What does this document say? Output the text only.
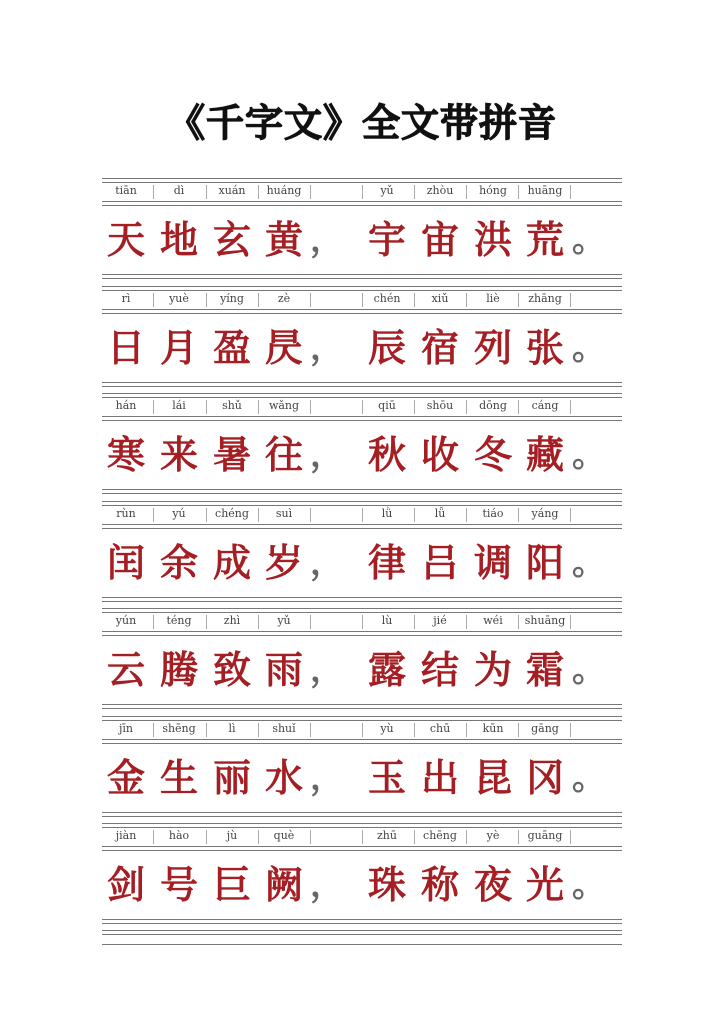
《千字文》全文带拼音
tiān	dì	xuán	huáng	yǔ	zhòu	hóng	huāng
天 地 玄 黄 宇 宙 洪 荒
，	。
rì	yuè	yíng	zè	chén	xiǔ	liè	zhāng
日 月 盈 昃 辰 宿 列 张
，	。
hán	lái	shǔ	wǎng	qiū	shōu	dōng	cáng
寒 来 暑 往 秋 收 冬 藏
，	。
rùn	yú	chéng	suì	lǜ	lǚ	tiáo	yáng
闰 余 成 岁 律 吕 调 阳
，	。
yún	téng	zhì	yǔ	lù	jié	wéi	shuāng
云 腾 致 雨 露 结 为 霜
，	。
jīn	shēng	lì	shuǐ	yù	chū	kūn	gāng
金 生 丽 水 玉 出 昆 冈
，	。
jiàn	hào	jù	què	zhū	chēng	yè	guāng
剑 号 巨 阙 珠 称 夜 光
，	。
